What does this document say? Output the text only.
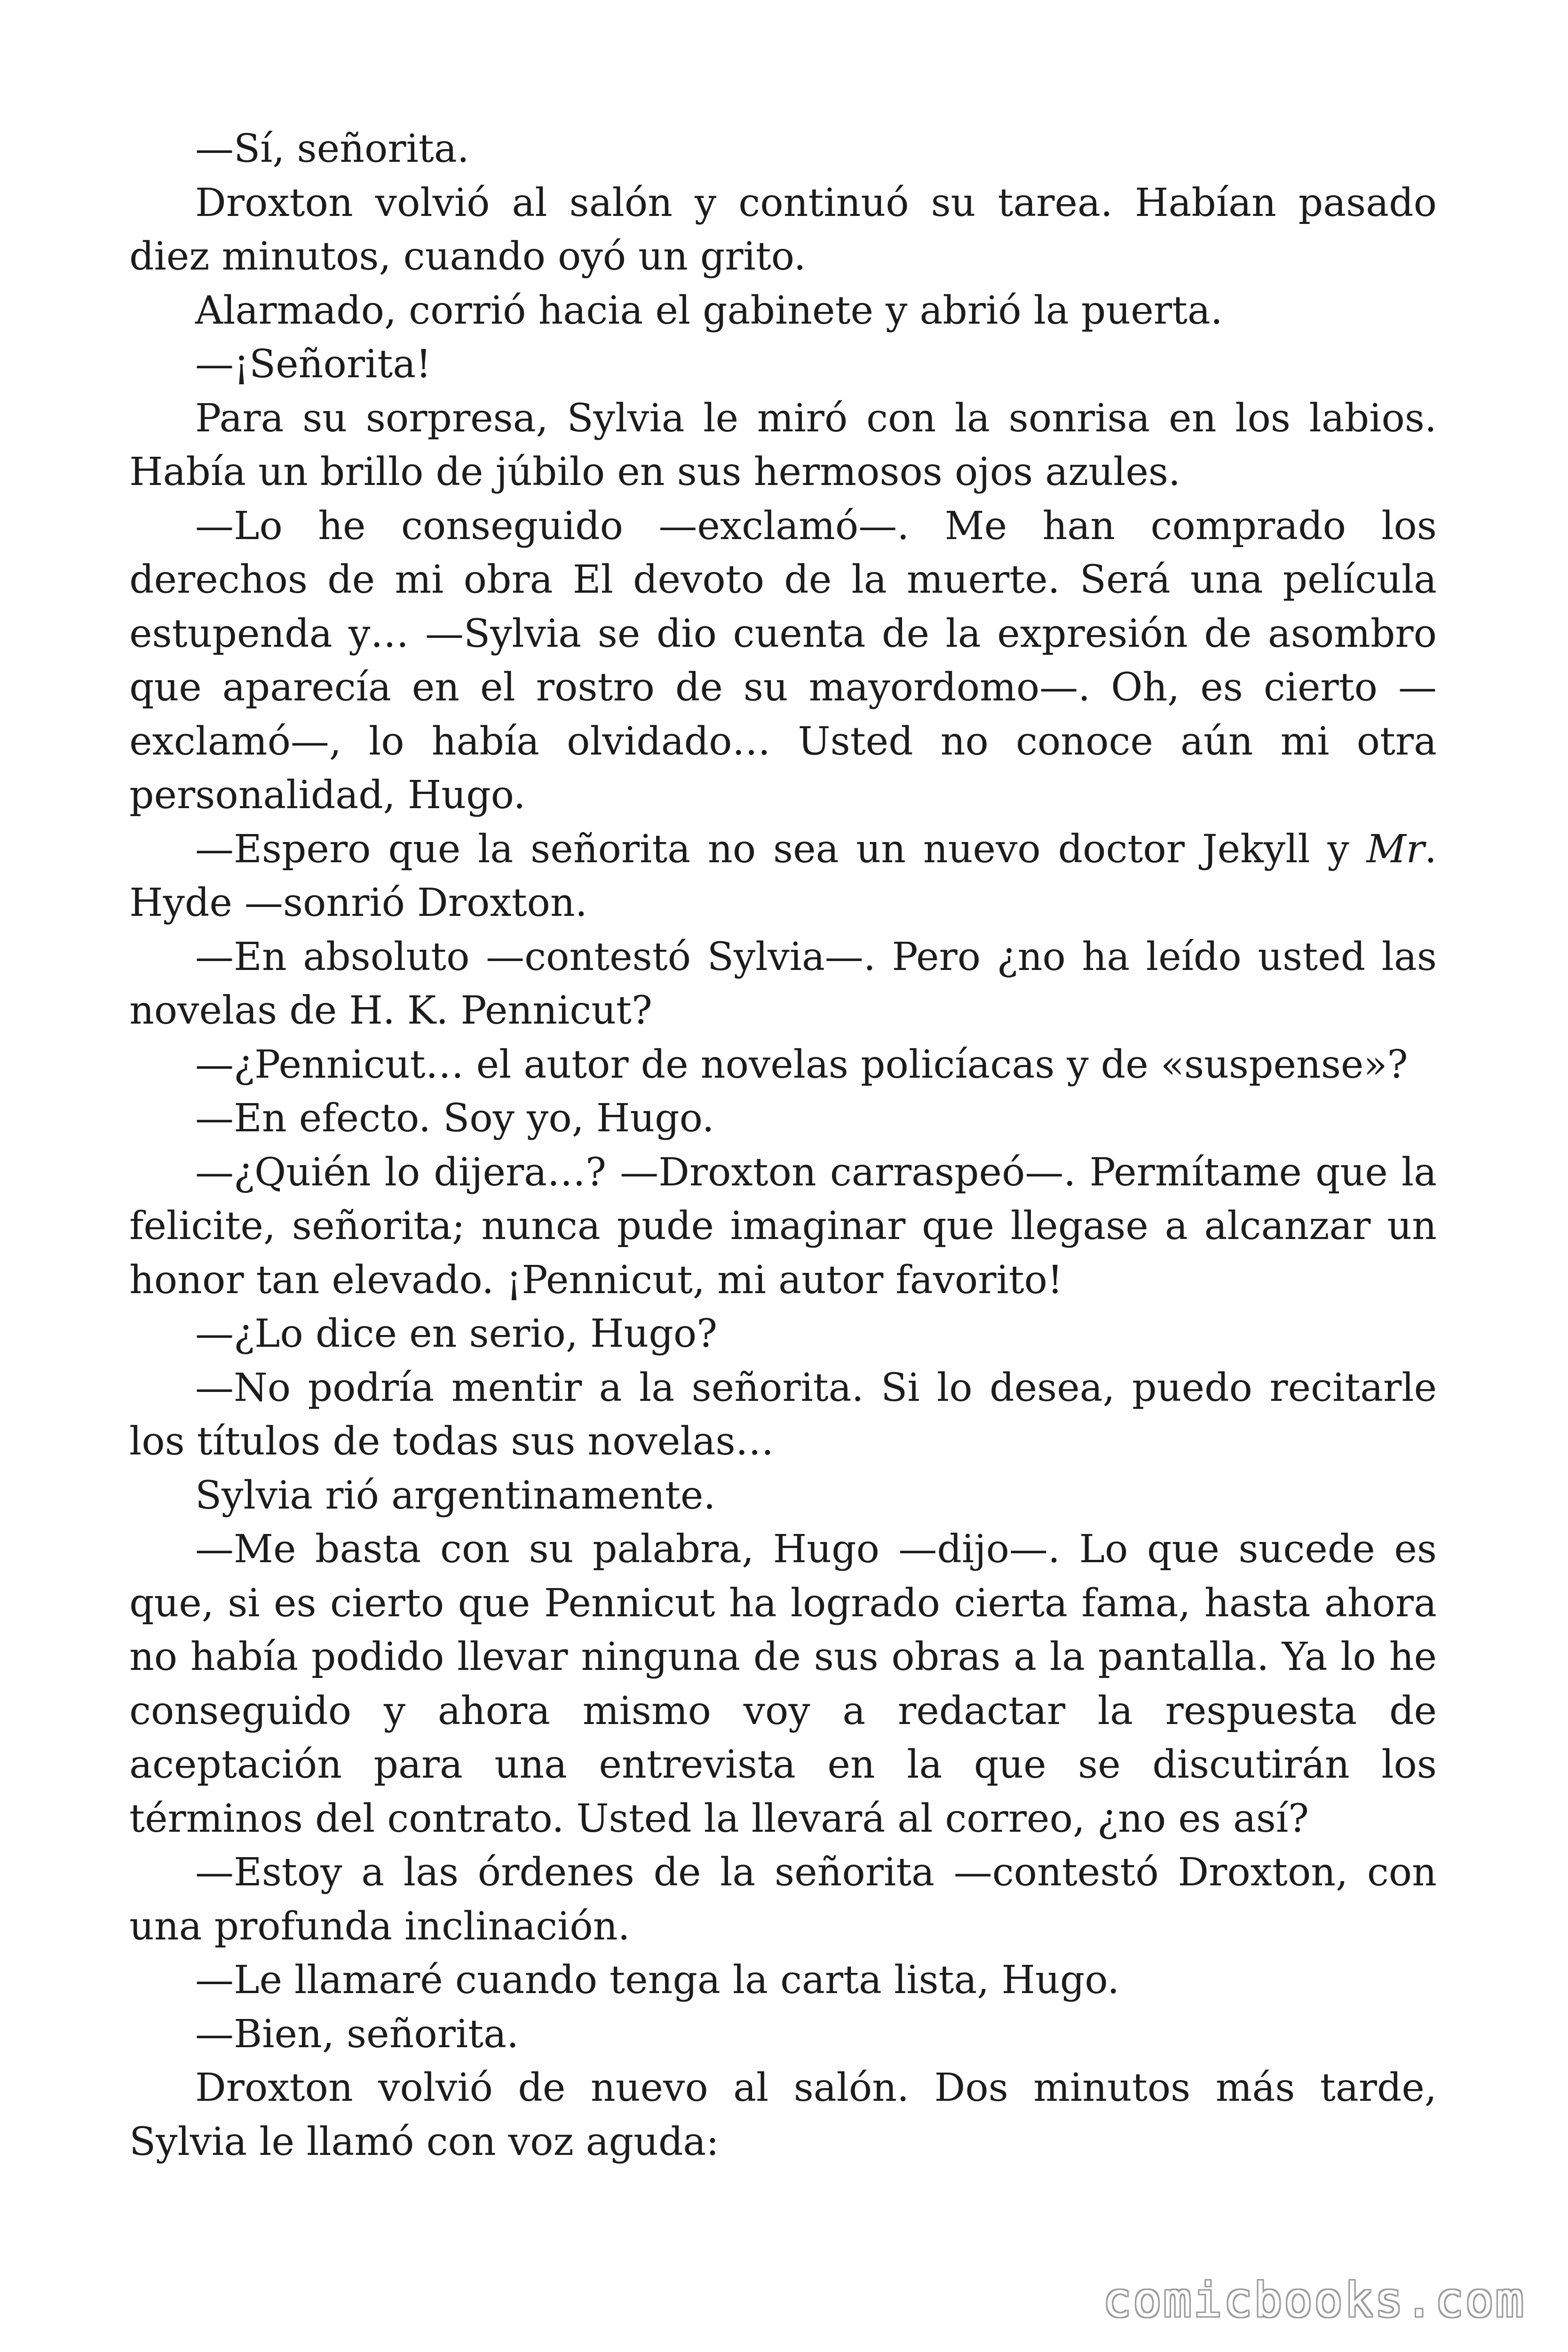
—Sí, señorita.

Droxton volvió al salón y continuó su tarea. Habían pasado diez minutos, cuando oyó un grito.

Alarmado, corrió hacia el gabinete y abrió la puerta.

—¡Señorita!

Para su sorpresa, Sylvia le miró con la sonrisa en los labios. Había un brillo de júbilo en sus hermosos ojos azules.

—Lo he conseguido —exclamó—. Me han comprado los derechos de mi obra El devoto de la muerte. Será una película estupenda y… —Sylvia se dio cuenta de la expresión de asombro que aparecía en el rostro de su mayordomo—. Oh, es cierto — exclamó—, lo había olvidado… Usted no conoce aún mi otra personalidad, Hugo.

—Espero que la señorita no sea un nuevo doctor Jekyll y Mr. Hyde —sonrió Droxton.

—En absoluto —contestó Sylvia—. Pero ¿no ha leído usted las novelas de H. K. Pennicut?

—¿Pennicut… el autor de novelas policíacas y de «suspense»?

—En efecto. Soy yo, Hugo.

—¿Quién lo dijera…? —Droxton carraspeó—. Permítame que la felicite, señorita; nunca pude imaginar que llegase a alcanzar un honor tan elevado. ¡Pennicut, mi autor favorito!

—¿Lo dice en serio, Hugo?

—No podría mentir a la señorita. Si lo desea, puedo recitarle los títulos de todas sus novelas…

Sylvia rió argentinamente.

—Me basta con su palabra, Hugo —dijo—. Lo que sucede es que, si es cierto que Pennicut ha logrado cierta fama, hasta ahora no había podido llevar ninguna de sus obras a la pantalla. Ya lo he conseguido y ahora mismo voy a redactar la respuesta de aceptación para una entrevista en la que se discutirán los términos del contrato. Usted la llevará al correo, ¿no es así?

—Estoy a las órdenes de la señorita —contestó Droxton, con una profunda inclinación.

—Le llamaré cuando tenga la carta lista, Hugo.

—Bien, señorita.

Droxton volvió de nuevo al salón. Dos minutos más tarde, Sylvia le llamó con voz aguda:

comicbooks.com
